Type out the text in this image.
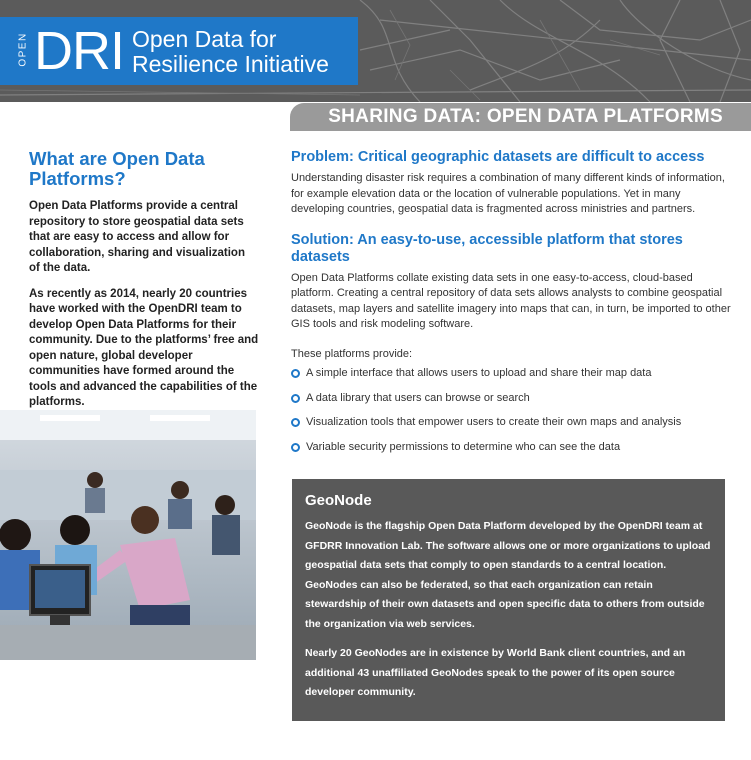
OPEN DRI Open Data for
Resilience Initiative
SHARING DATA: OPEN DATA PLATFORMS
What are Open Data
Platforms?

Open Data Platforms provide a central repository to store geospatial data sets that are easy to access and allow for collaboration, sharing and visualization of the data.

As recently as 2014, nearly 20 countries have worked with the OpenDRI team to develop Open Data Platforms for their community. Due to the platforms’ free and open nature, global developer communities have formed around the tools and advanced the capabilities of the platforms.

Problem: Critical geographic datasets are difficult to access

Understanding disaster risk requires a combination of many different kinds of information, for example elevation data or the location of vulnerable populations. Yet in many developing countries, geospatial data is fragmented across ministries and partners.

Solution: An easy-to-use, accessible platform that stores datasets

Open Data Platforms collate existing data sets in one easy-to-access, cloud-based platform. Creating a central repository of data sets allows analysts to combine geospatial datasets, map layers and satellite imagery into maps that can, in turn, be imported to other GIS tools and risk modeling software.

These platforms provide:

A simple interface that allows users to upload and share their map data
A data library that users can browse or search
Visualization tools that empower users to create their own maps and analysis
Variable security permissions to determine who can see the data
GeoNode

GeoNode is the flagship Open Data Platform developed by the OpenDRI team at GFDRR Innovation Lab. The software allows one or more organizations to upload geospatial data sets that comply to open standards to a central location. GeoNodes can also be federated, so that each organization can retain stewardship of their own datasets and open specific data to others from outside the organization via web services.

Nearly 20 GeoNodes are in existence by World Bank client countries, and an additional 43 unaffiliated GeoNodes speak to the power of its open source developer community.
